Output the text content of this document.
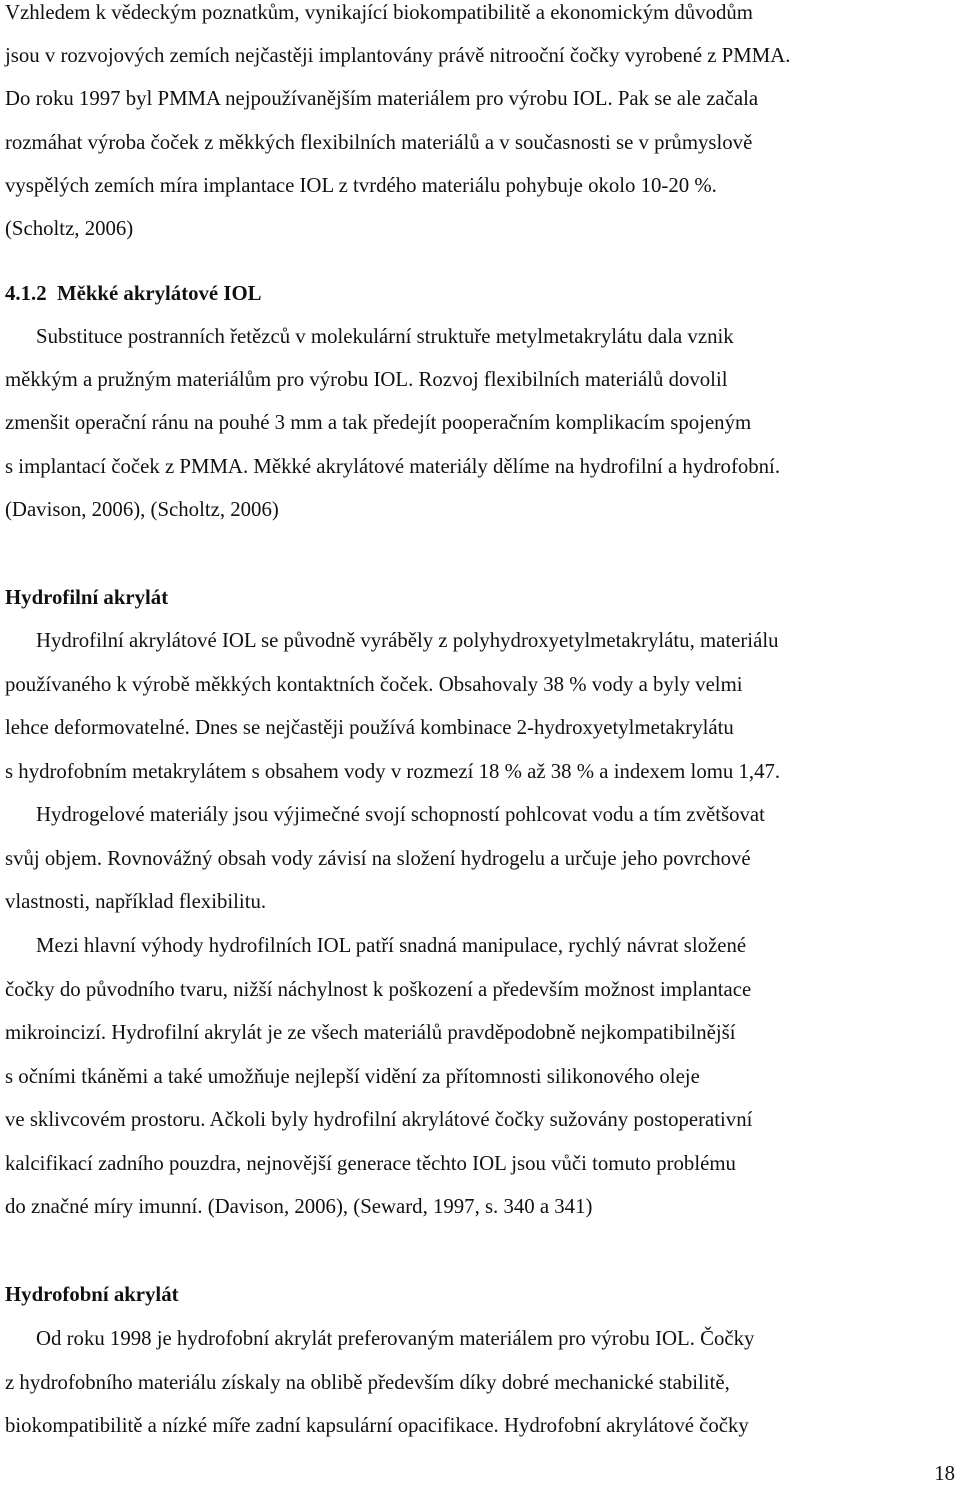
Vzhledem k vědeckým poznatkům, vynikající biokompatibilitě a ekonomickým důvodům
jsou v rozvojových zemích nejčastěji implantovány právě nitrooční čočky vyrobené z PMMA.
Do roku 1997 byl PMMA nejpoužívanějším materiálem pro výrobu IOL. Pak se ale začala
rozmáhat výroba čoček z měkkých flexibilních materiálů a v současnosti se v průmyslově
vyspělých zemích míra implantace IOL z tvrdého materiálu pohybuje okolo 10-20 %.
(Scholtz, 2006)
4.1.2 Měkké akrylátové IOL
Substituce postranních řetězců v molekulární struktuře metylmetakrylátu dala vznik
měkkým a pružným materiálům pro výrobu IOL. Rozvoj flexibilních materiálů dovolil
zmenšit operační ránu na pouhé 3 mm a tak předejít pooperačním komplikacím spojeným
s implantací čoček z PMMA. Měkké akrylátové materiály dělíme na hydrofilní a hydrofobní.
(Davison, 2006), (Scholtz, 2006)
Hydrofilní akrylát
Hydrofilní akrylátové IOL se původně vyráběly z polyhydroxyetylmetakrylátu, materiálu
používaného k výrobě měkkých kontaktních čoček. Obsahovaly 38 % vody a byly velmi
lehce deformovatelné. Dnes se nejčastěji používá kombinace 2-hydroxyetylmetakrylátu
s hydrofobním metakrylátem s obsahem vody v rozmezí 18 % až 38 % a indexem lomu 1,47.
Hydrogelové materiály jsou výjimečné svojí schopností pohlcovat vodu a tím zvětšovat
svůj objem. Rovnovážný obsah vody závisí na složení hydrogelu a určuje jeho povrchové
vlastnosti, například flexibilitu.
Mezi hlavní výhody hydrofilních IOL patří snadná manipulace, rychlý návrat složené
čočky do původního tvaru, nižší náchylnost k poškození a především možnost implantace
mikroincizí. Hydrofilní akrylát je ze všech materiálů pravděpodobně nejkompatibilnější
s očními tkáněmi a také umožňuje nejlepší vidění za přítomnosti silikonového oleje
ve sklivcovém prostoru. Ačkoli byly hydrofilní akrylátové čočky sužovány postoperativní
kalcifikací zadního pouzdra, nejnovější generace těchto IOL jsou vůči tomuto problému
do značné míry imunní. (Davison, 2006), (Seward, 1997, s. 340 a 341)
Hydrofobní akrylát
Od roku 1998 je hydrofobní akrylát preferovaným materiálem pro výrobu IOL. Čočky
z hydrofobního materiálu získaly na oblibě především díky dobré mechanické stabilitě,
biokompatibilitě a nízké míře zadní kapsulární opacifikace. Hydrofobní akrylátové čočky
18
